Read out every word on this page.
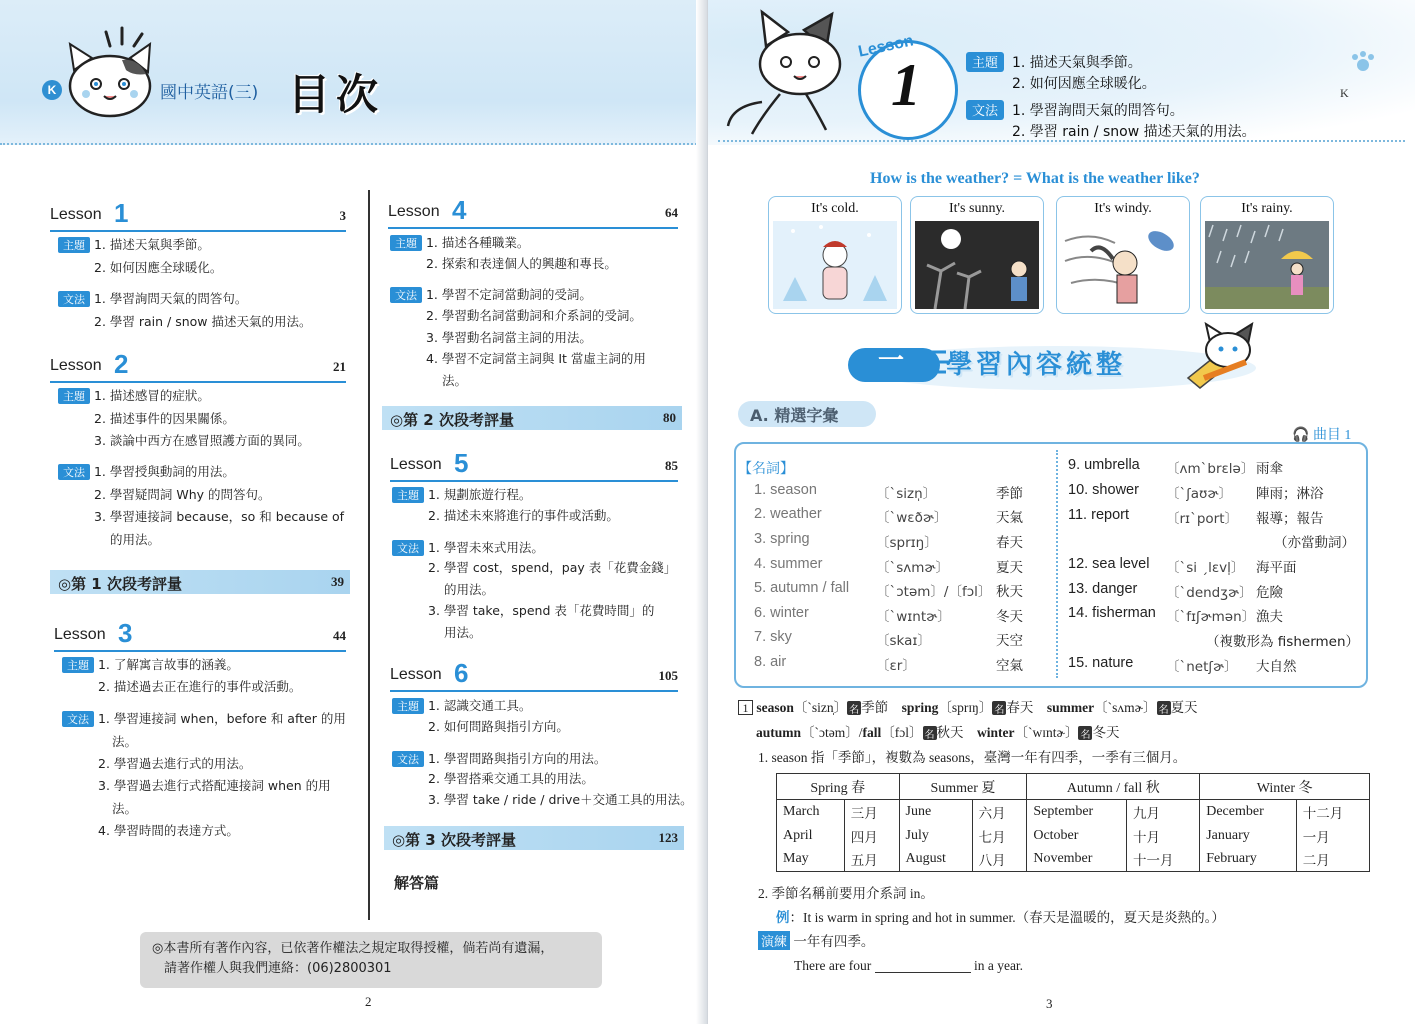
K	國中英語(三) 目次
Lesson 1	3
主題 1. 描述天氣與季節。
2. 如何因應全球暖化。
文法 1. 學習詢問天氣的問答句。
2. 學習 rain / snow 描述天氣的用法。
Lesson 2	21
主題 1. 描述感冒的症狀。
2. 描述事件的因果關係。
3. 談論中西方在感冒照護方面的異同。
文法 1. 學習授與動詞的用法。
2. 學習疑問詞 Why 的問答句。
3. 學習連接詞 because，so 和 because of
的用法。
◎第 1 次段考評量	39
Lesson 3	44
主題 1. 了解寓言故事的涵義。
2. 描述過去正在進行的事件或活動。
文法 1. 學習連接詞 when，before 和 after 的用
法。
2. 學習過去進行式的用法。
3. 學習過去進行式搭配連接詞 when 的用
法。
4. 學習時間的表達方式。
Lesson 4	64
主題 1. 描述各種職業。
2. 探索和表達個人的興趣和專長。
文法 1. 學習不定詞當動詞的受詞。
2. 學習動名詞當動詞和介系詞的受詞。
3. 學習動名詞當主詞的用法。
4. 學習不定詞當主詞與 It 當虛主詞的用
法。
◎第 2 次段考評量	80
Lesson 5	85
主題 1. 規劃旅遊行程。
2. 描述未來將進行的事件或活動。
文法 1. 學習未來式用法。
2. 學習 cost，spend，pay 表「花費金錢」
的用法。
3. 學習 take，spend 表「花費時間」的
用法。
Lesson 6	105
主題 1. 認識交通工具。
2. 如何問路與指引方向。
文法 1. 學習問路與指引方向的用法。
2. 學習搭乘交通工具的用法。
3. 學習 take / ride / drive＋交通工具的用法。
◎第 3 次段考評量	123
解答篇
◎本書所有著作內容，已依著作權法之規定取得授權，倘若尚有遺漏，
請著作權人與我們連絡：(06)2800301
2
1
Lesson
主題	1. 描述天氣與季節。
2. 如何因應全球暖化。
文法	1. 學習詢問天氣的問答句。
2. 學習 rain / snow 描述天氣的用法。
K
How is the weather? = What is the weather like?
It's cold.	It's sunny.	It's windy.	It's rainy.
一 學習內容統整
A. 精選字彙
🎧 曲目 1
【名詞】
1. season	〔ˋsizn̩〕	季節
2. weather	〔ˋwɛðɚ〕	天氣
3. spring	〔sprɪŋ〕	春天
4. summer	〔ˋsʌmɚ〕	夏天
5. autumn / fall 〔ˋɔtəm〕/〔fɔl〕 秋天
6. winter	〔ˋwɪntɚ〕	冬天
7. sky	〔skaɪ〕	天空
8. air	〔ɛr〕	空氣
9. umbrella 〔ʌmˋbrɛlə〕 雨傘
10. shower 〔ˋʃaʊɚ〕 陣雨；淋浴
11. report	〔rɪˋport〕 報導；報告
（亦當動詞）
12. sea level 〔ˋsi ˏlɛvl̩〕 海平面
13. danger 〔ˋdendʒɚ〕 危險
14. fisherman 〔ˋfɪʃɚmən〕 漁夫
（複數形為 fishermen）
15. nature 〔ˋnetʃɚ〕 大自然
1 season〔ˋsizn̩〕 名 季節 spring〔sprɪŋ〕 名 春天 summer〔ˋsʌmɚ〕 名 夏天
autumn〔ˋɔtəm〕/fall〔fɔl〕 名 秋天 winter〔ˋwɪntɚ〕 名 冬天
1. season 指「季節」，複數為 seasons，臺灣一年有四季，一季有三個月。
Spring 春		Summer 夏		Autumn / fall 秋		Winter 冬	
March	三月	June	六月	September	九月	December	十二月
April	四月	July	七月	October	十月	January	一月
May	五月	August	八月	November	十一月	February	二月
2. 季節名稱前要用介系詞 in。
例：It is warm in spring and hot in summer.（春天是溫暖的，夏天是炎熱的。）
演練 一年有四季。
There are four	in a year.
3
